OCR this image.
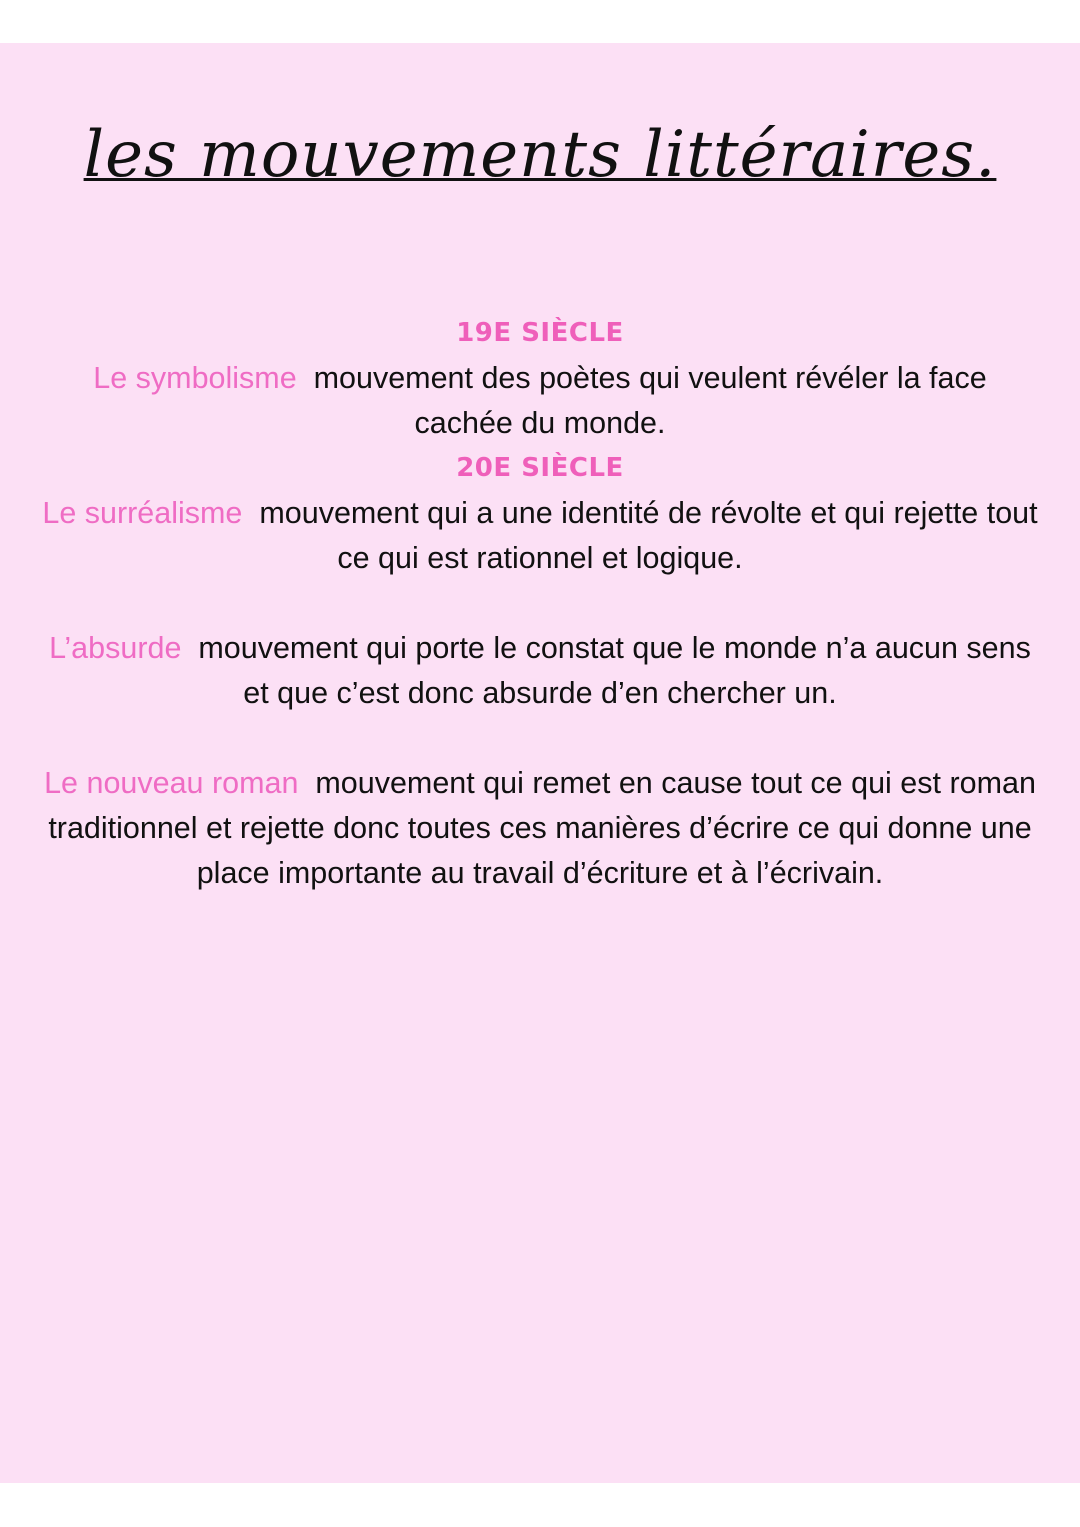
les mouvements littéraires.

19E SIÈCLE

Le symbolisme mouvement des poètes qui veulent révéler la face cachée du monde.

20E SIÈCLE

Le surréalisme mouvement qui a une identité de révolte et qui rejette tout ce qui est rationnel et logique.

L’absurde mouvement qui porte le constat que le monde n’a aucun sens et que c’est donc absurde d’en chercher un.

Le nouveau roman mouvement qui remet en cause tout ce qui est roman traditionnel et rejette donc toutes ces manières d’écrire ce qui donne une place importante au travail d’écriture et à l’écrivain.
